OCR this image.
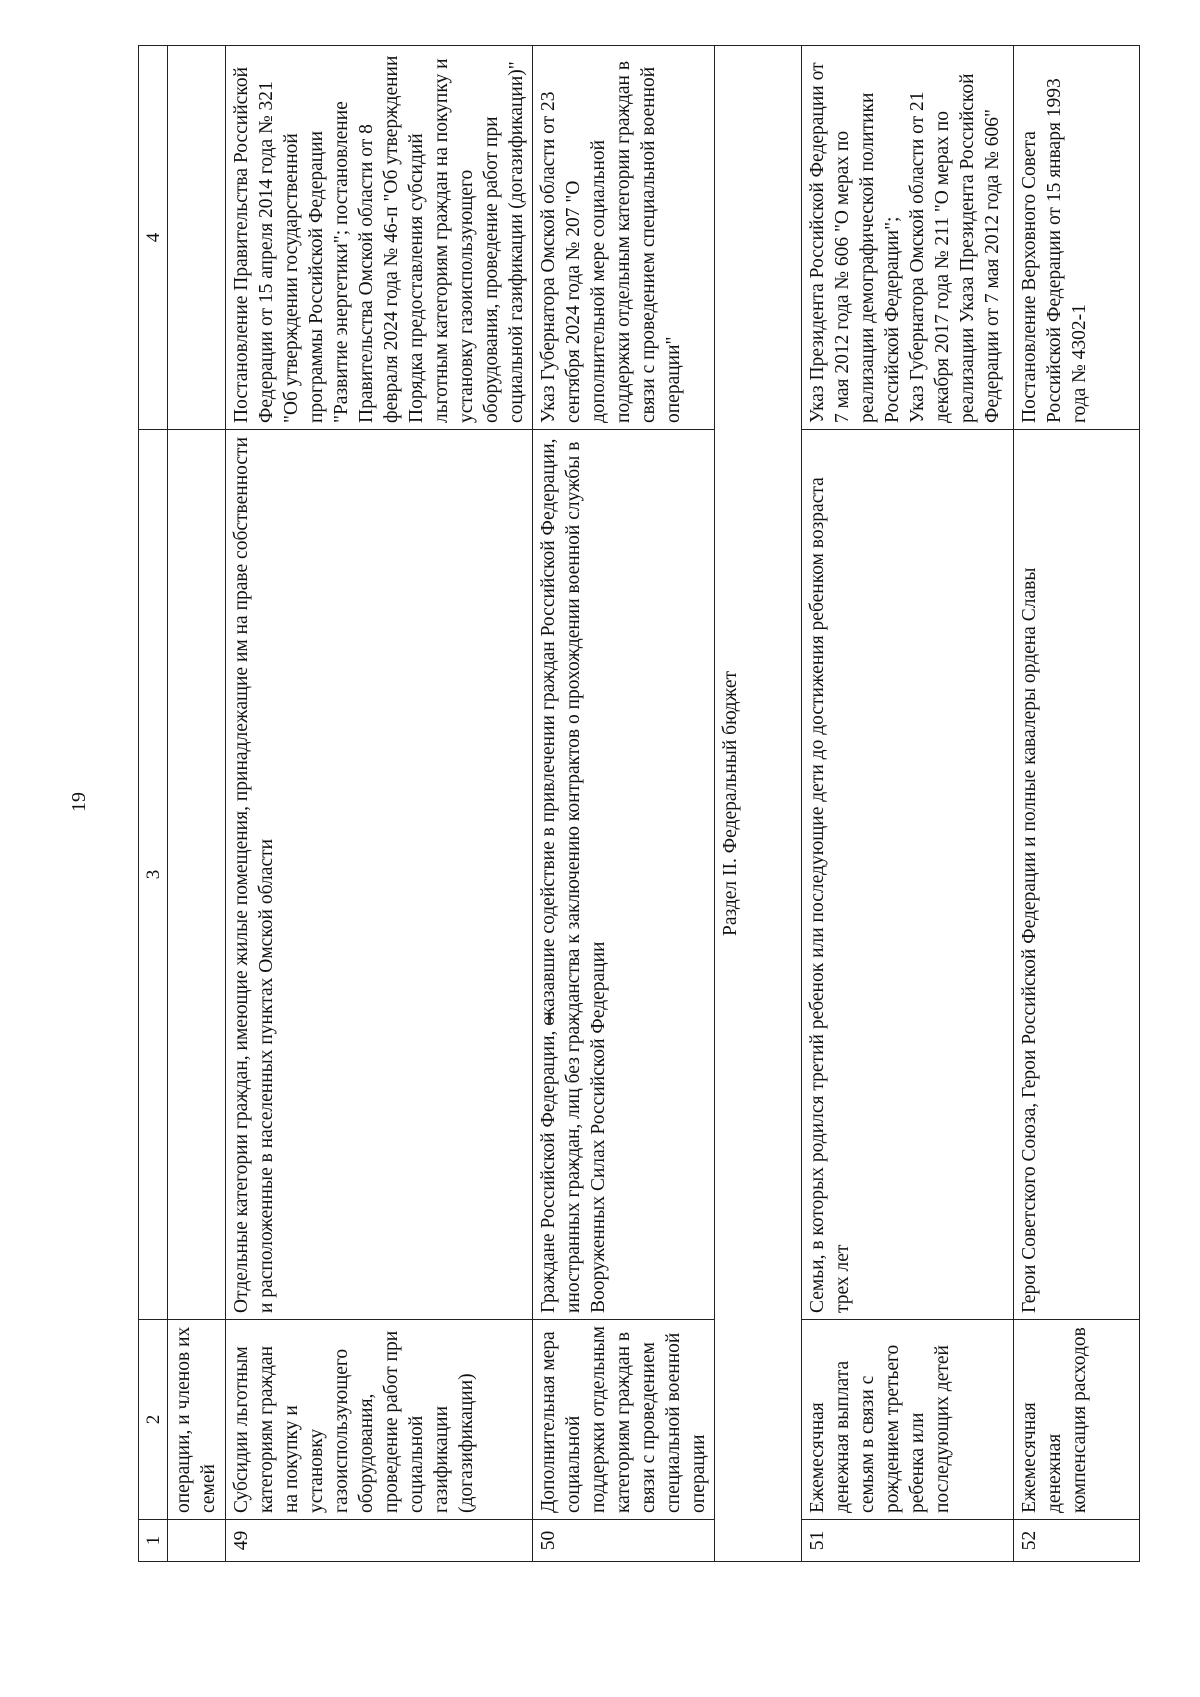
19
1	2	3	4
	операции, и членов их семей		
49	Субсидии льготным категориям граждан на покупку и установку газоиспользующего оборудования, проведение работ при социальной газификации (догазификации)	Отдельные категории граждан, имеющие жилые помещения, принадлежащие им на праве собственности и расположенные в населенных пунктах Омской области	Постановление Правительства Российской Федерации от 15 апреля 2014 года № 321 "Об утверждении государственной программы Российской Федерации "Развитие энергетики"; постановление Правительства Омской области от 8 февраля 2024 года № 46-п "Об утверждении Порядка предоставления субсидий льготным категориям граждан на покупку и установку газоиспользующего оборудования, проведение работ при социальной газификации (догазификации)"
50	Дополнительная мера социальной поддержки отдельным категориям граждан в связи с проведением специальной военной операции	Граждане Российской Федерации, оказавшие содействие в привлечении граждан Российской Федерации, иностранных граждан, лиц без гражданства к заключению контрактов о прохождении военной службы в Вооруженных Силах Российской Федерации	Указ Губернатора Омской области от 23 сентября 2024 года № 207 "О дополнительной мере социальной поддержки отдельным категории граждан в связи с проведением специальной военной операции"
Раздел II. Федеральный бюджет			
51	Ежемесячная денежная выплата семьям в связи с рождением третьего ребенка или последующих детей	Семьи, в которых родился третий ребенок или последующие дети до достижения ребенком возраста трех лет	Указ Президента Российской Федерации от 7 мая 2012 года № 606 "О мерах по реализации демографической политики Российской Федерации";
Указ Губернатора Омской области от 21 декабря 2017 года № 211 "О мерах по реализации Указа Президента Российской Федерации от 7 мая 2012 года № 606"
52	Ежемесячная денежная компенсация расходов	Герои Советского Союза, Герои Российской Федерации и полные кавалеры ордена Славы	Постановление Верховного Совета Российской Федерации от 15 января 1993 года № 4302-1
